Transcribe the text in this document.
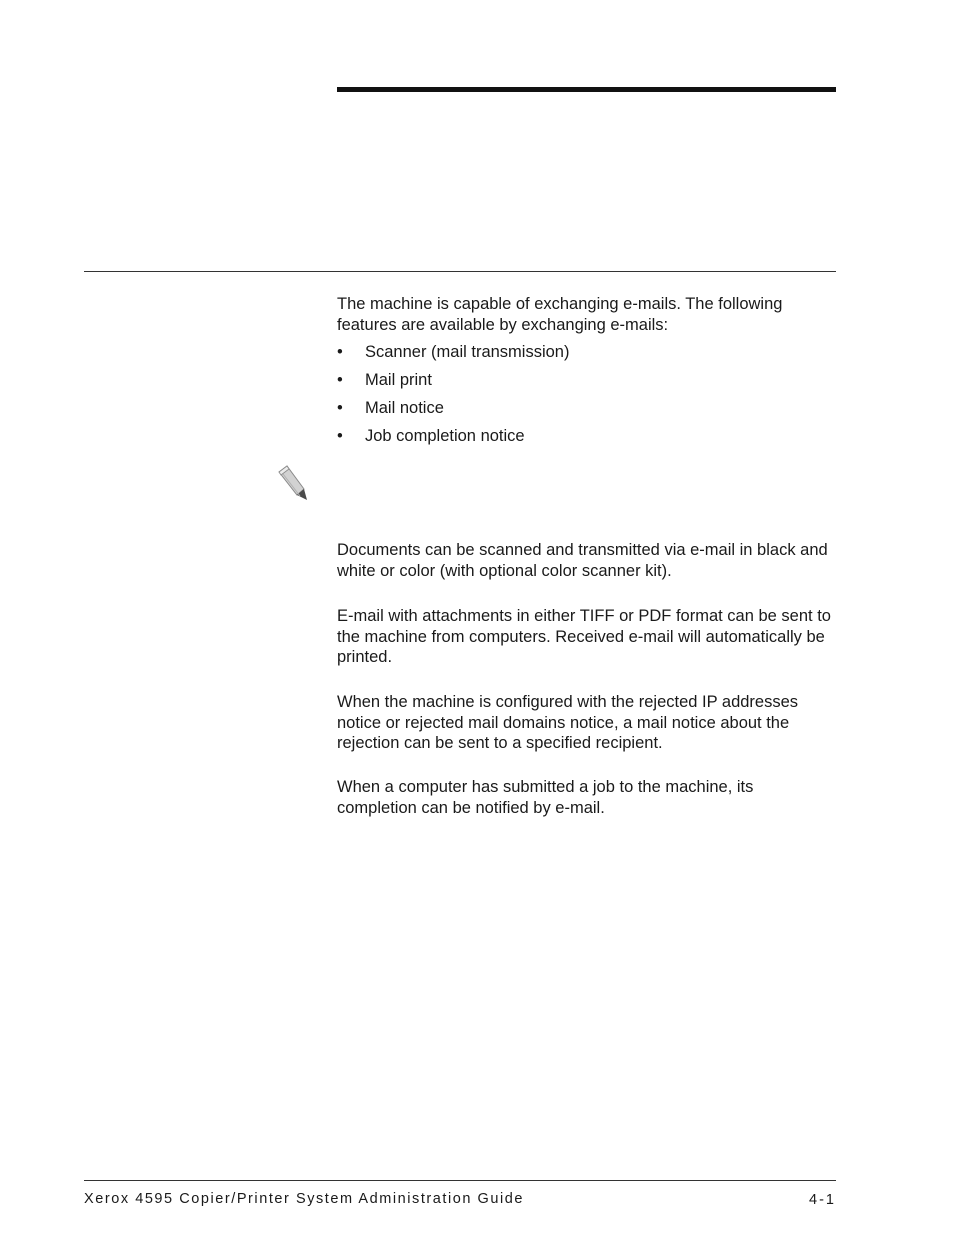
The machine is capable of exchanging e-mails. The following features are available by exchanging e-mails:

• Scanner (mail transmission)
• Mail print
• Mail notice
• Job completion notice

Documents can be scanned and transmitted via e-mail in black and white or color (with optional color scanner kit).

E-mail with attachments in either TIFF or PDF format can be sent to the machine from computers. Received e-mail will automatically be printed.

When the machine is configured with the rejected IP addresses notice or rejected mail domains notice, a mail notice about the rejection can be sent to a specified recipient.

When a computer has submitted a job to the machine, its completion can be notified by e-mail.

Xerox 4595 Copier/Printer System Administration Guide	4-1
